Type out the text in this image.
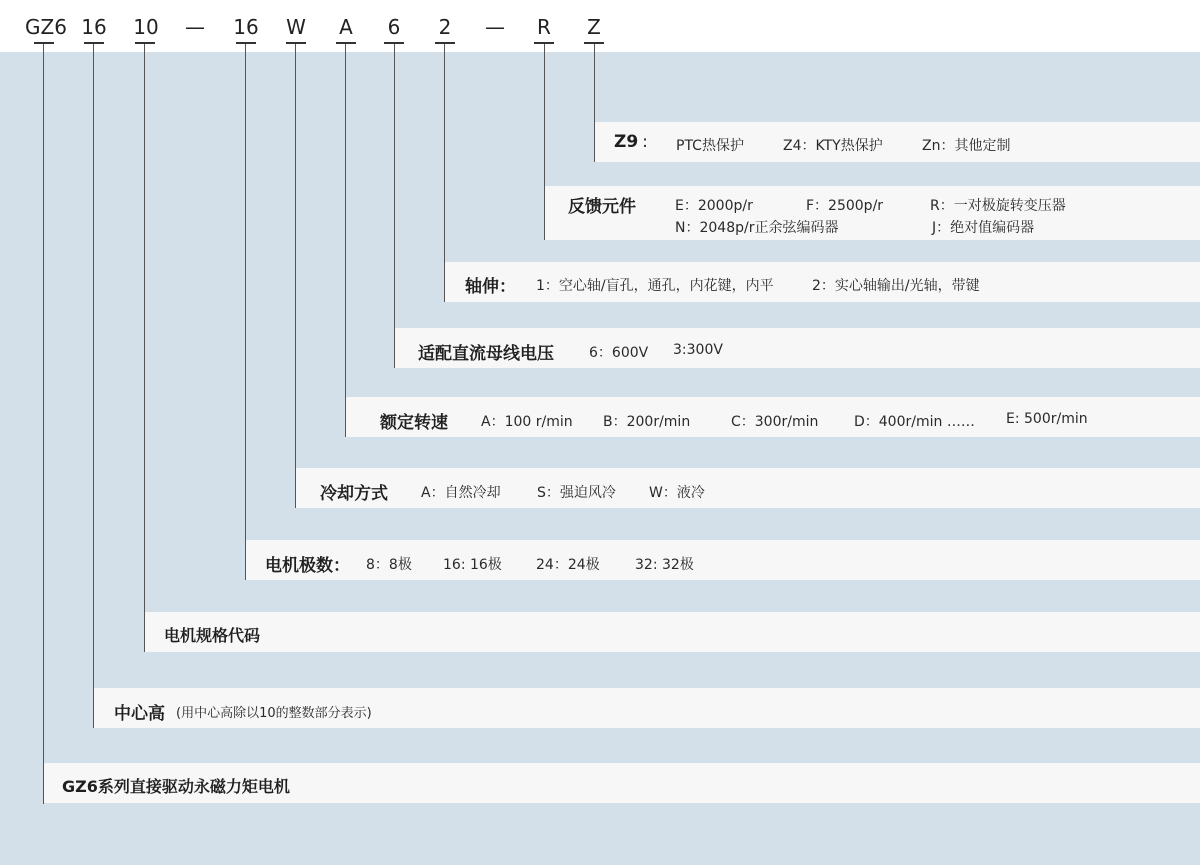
GZ6 16	10	—	16	W	A	6	2	—	R	Z
Z9 : PTC热保护	Z4：KTY热保护	Zn：其他定制
反馈元件	E：2000p/r	F：2500p/r	R：一对极旋转变压器
N：2048p/r正余弦编码器	J：绝对值编码器
轴伸： 1：空心轴/盲孔，通孔，内花键，内平	2：实心轴输出/光轴，带键
适配直流母线电压	6：600V 3:300V
额定转速 A：100 r/min B：200r/min	C：300r/min	D：400r/min …… E: 500r/min
冷却方式 A：自然冷却	S：强迫风冷 W：液冷
电机极数： 8：8极 16: 16极 24：24极	32: 32极
电机规格代码
中心高 (用中心高除以10的整数部分表示)
GZ6系列直接驱动永磁力矩电机
